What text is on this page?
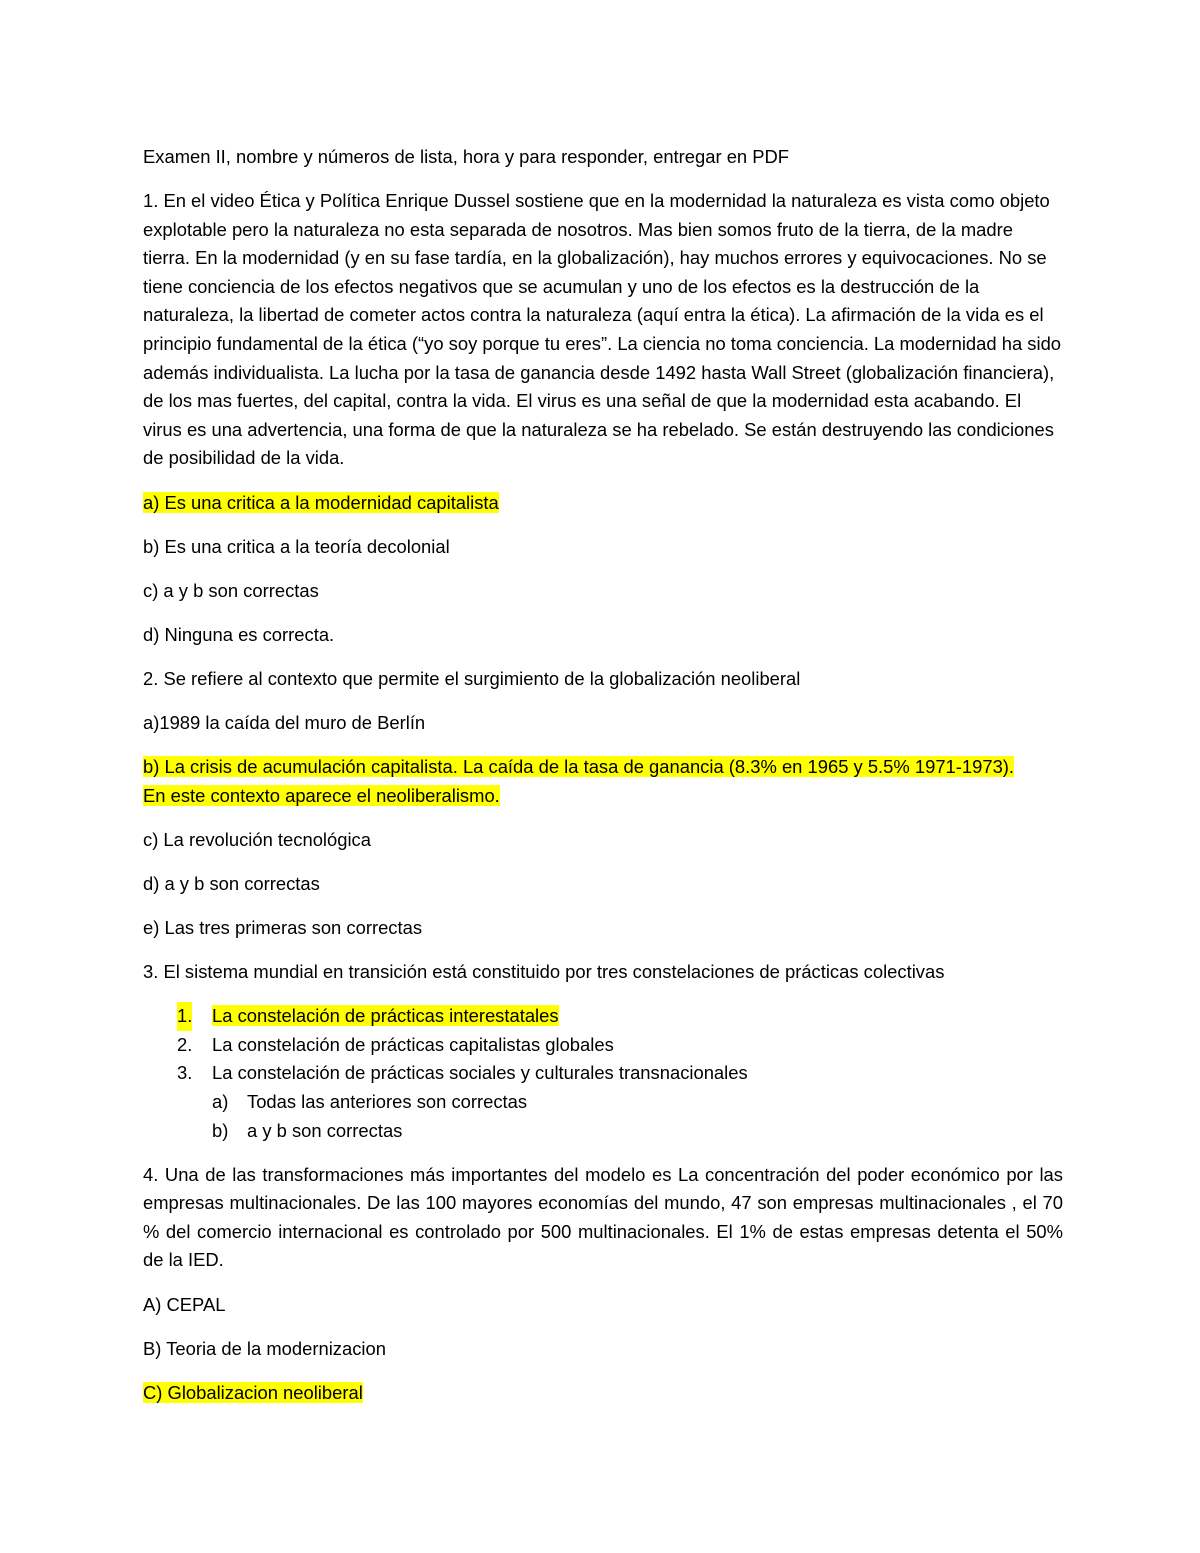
Examen II, nombre y números de lista, hora y para responder, entregar en PDF

1. En el video Ética y Política Enrique Dussel sostiene que en la modernidad la naturaleza es vista como objeto explotable pero la naturaleza no esta separada de nosotros. Mas bien somos fruto de la tierra, de la madre tierra. En la modernidad (y en su fase tardía, en la globalización), hay muchos errores y equivocaciones. No se tiene conciencia de los efectos negativos que se acumulan y uno de los efectos es la destrucción de la naturaleza, la libertad de cometer actos contra la naturaleza (aquí entra la ética). La afirmación de la vida es el principio fundamental de la ética (“yo soy porque tu eres”. La ciencia no toma conciencia. La modernidad ha sido además individualista. La lucha por la tasa de ganancia desde 1492 hasta Wall Street (globalización financiera), de los mas fuertes, del capital, contra la vida. El virus es una señal de que la modernidad esta acabando. El virus es una advertencia, una forma de que la naturaleza se ha rebelado. Se están destruyendo las condiciones de posibilidad de la vida.

a) Es una critica a la modernidad capitalista

b) Es una critica a la teoría decolonial

c) a y b son correctas

d) Ninguna es correcta.

2. Se refiere al contexto que permite el surgimiento de la globalización neoliberal

a)1989 la caída del muro de Berlín

b) La crisis de acumulación capitalista. La caída de la tasa de ganancia (8.3% en 1965 y 5.5% 1971-1973).
En este contexto aparece el neoliberalismo.

c) La revolución tecnológica

d) a y b son correctas

e) Las tres primeras son correctas

3. El sistema mundial en transición está constituido por tres constelaciones de prácticas colectivas

1. La constelación de prácticas interestatales
2. La constelación de prácticas capitalistas globales
3. La constelación de prácticas sociales y culturales transnacionales
a) Todas las anteriores son correctas
b) a y b son correctas

4. Una de las transformaciones más importantes del modelo es La concentración del poder económico por las empresas multinacionales. De las 100 mayores economías del mundo, 47 son empresas multinacionales , el 70 % del comercio internacional es controlado por 500 multinacionales. El 1% de estas empresas detenta el 50% de la IED.

A) CEPAL

B) Teoria de la modernizacion

C) Globalizacion neoliberal
